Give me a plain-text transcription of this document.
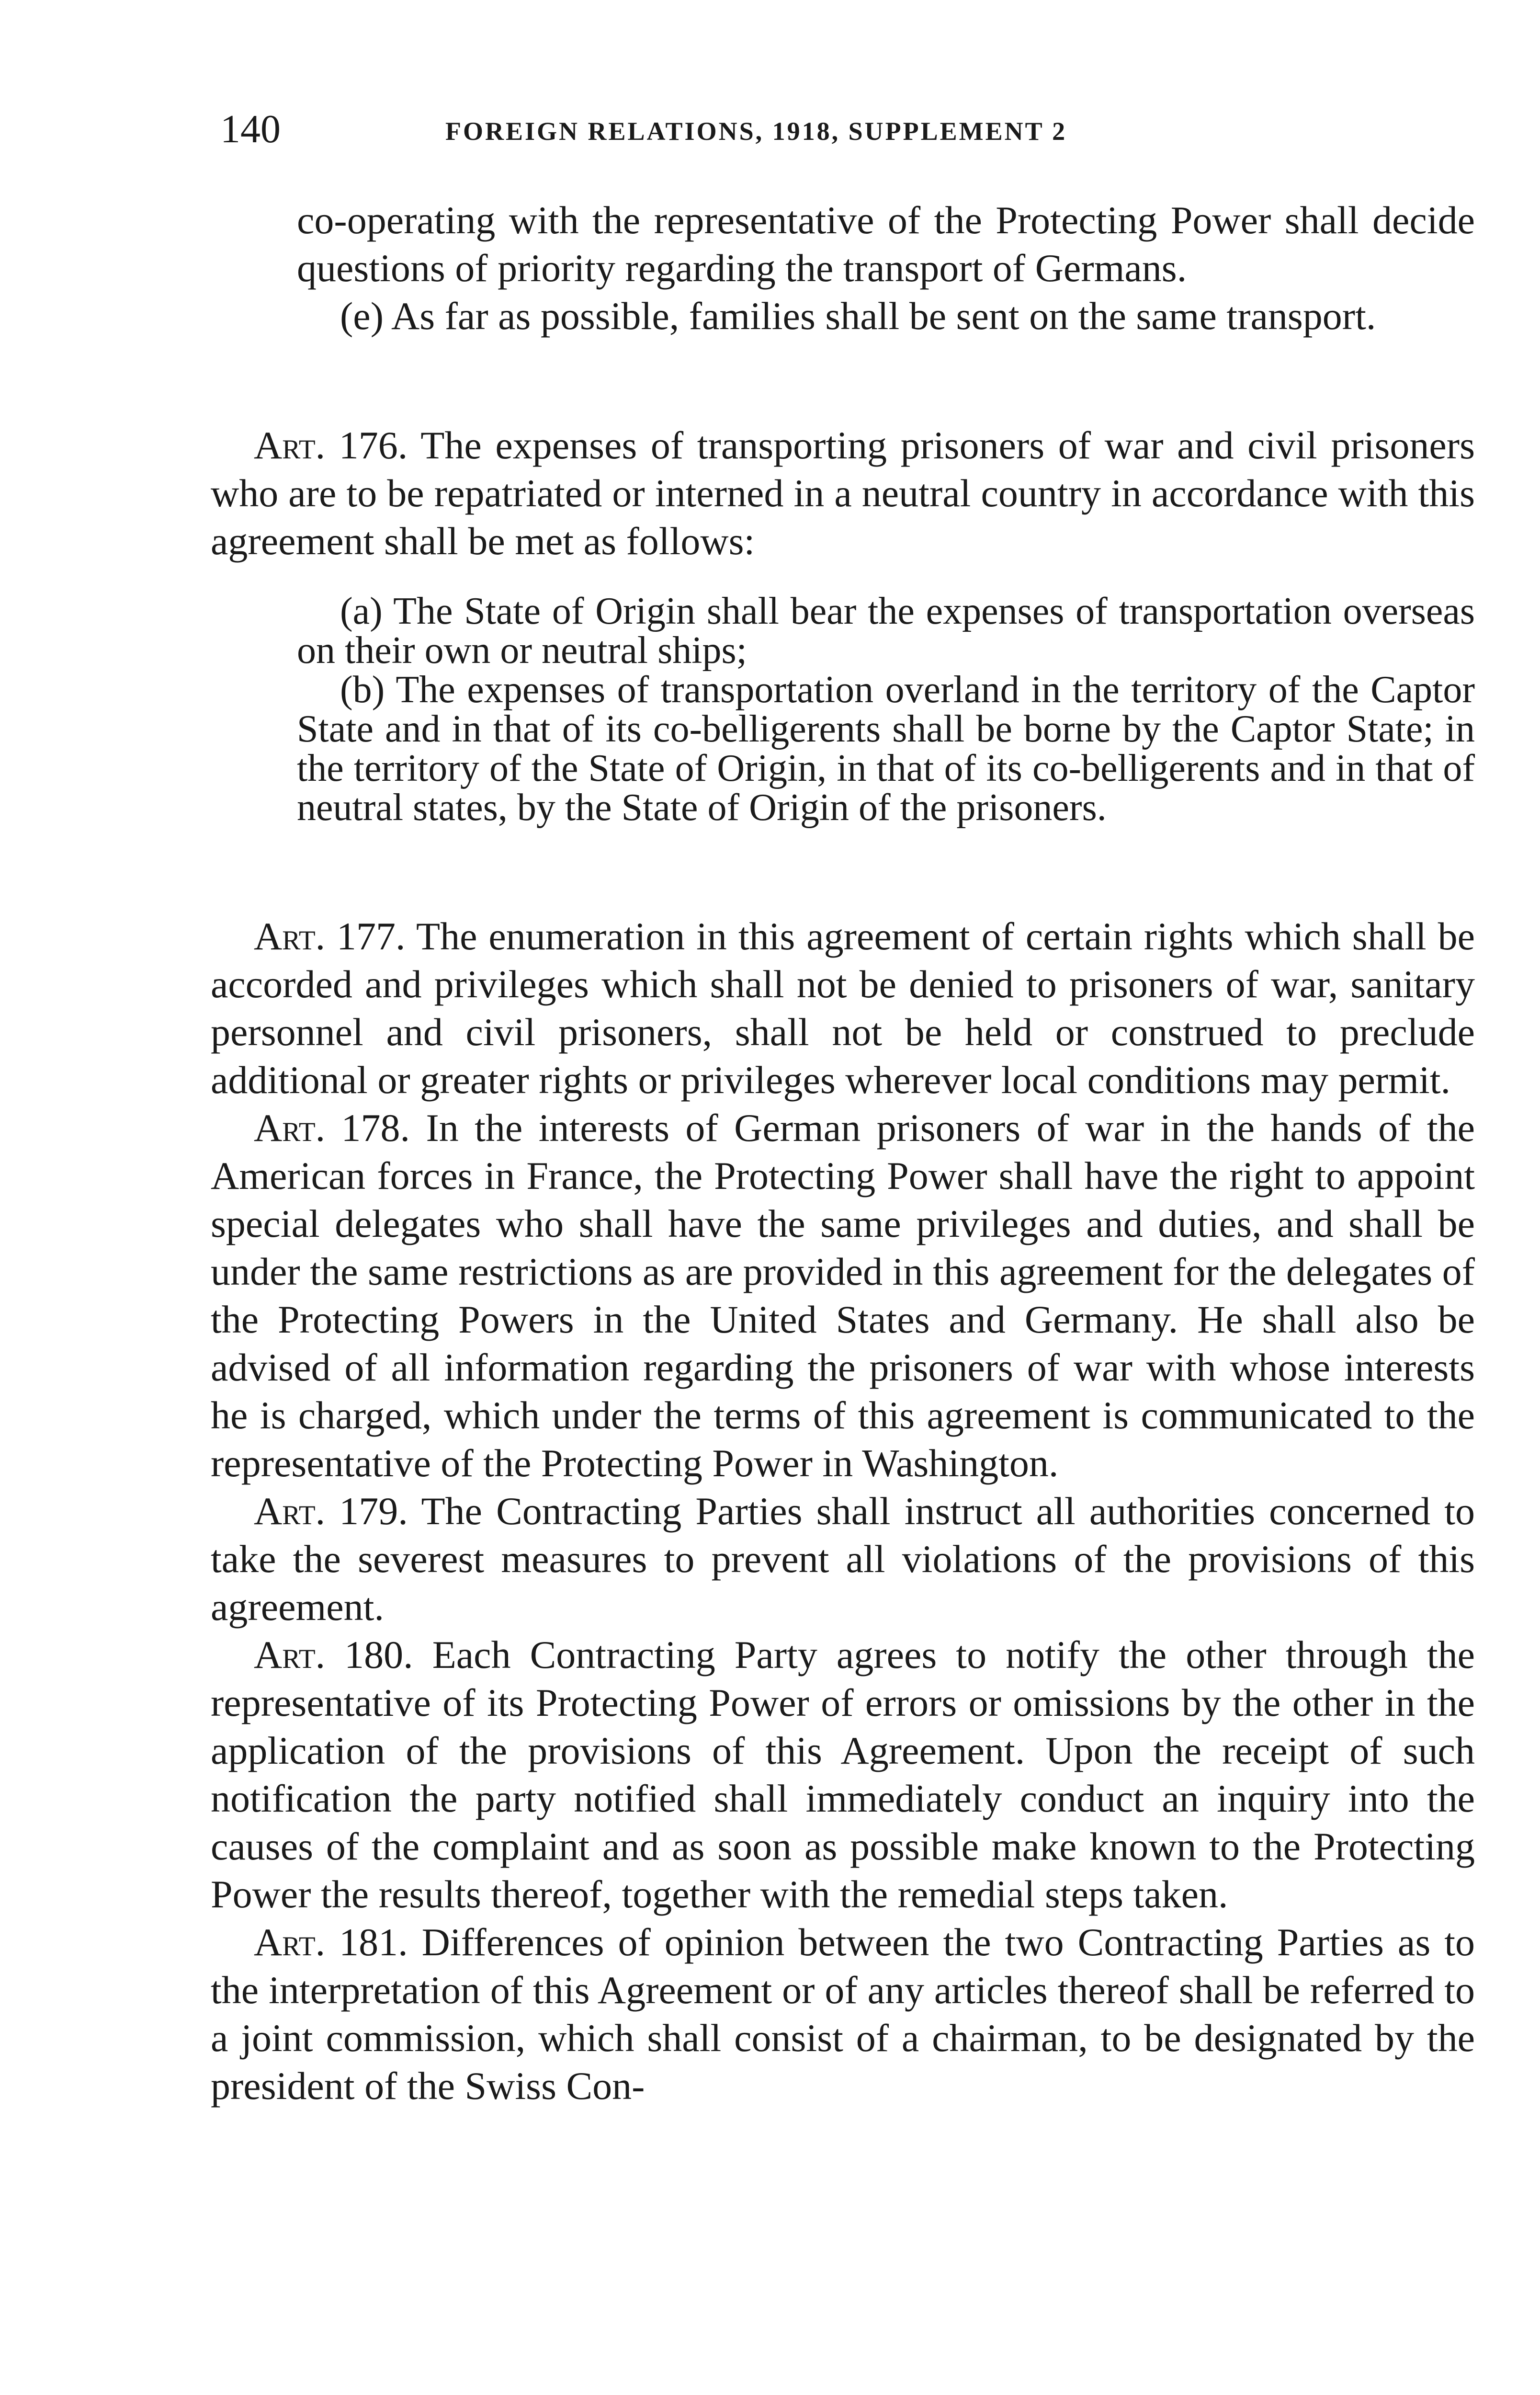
140	FOREIGN RELATIONS, 1918, SUPPLEMENT 2

co-operating with the representative of the Protecting Power shall decide questions of priority regarding the transport of Germans.

(e) As far as possible, families shall be sent on the same transport.

Art. 176. The expenses of transporting prisoners of war and civil prisoners who are to be repatriated or interned in a neutral country in accordance with this agreement shall be met as follows:

(a) The State of Origin shall bear the expenses of transportation overseas on their own or neutral ships;

(b) The expenses of transportation overland in the territory of the Captor State and in that of its co-belligerents shall be borne by the Captor State; in the territory of the State of Origin, in that of its co-belligerents and in that of neutral states, by the State of Origin of the prisoners.

Art. 177. The enumeration in this agreement of certain rights which shall be accorded and privileges which shall not be denied to prisoners of war, sanitary personnel and civil prisoners, shall not be held or construed to preclude additional or greater rights or privileges wherever local conditions may permit.

Art. 178. In the interests of German prisoners of war in the hands of the American forces in France, the Protecting Power shall have the right to appoint special delegates who shall have the same privileges and duties, and shall be under the same restrictions as are provided in this agreement for the delegates of the Protecting Powers in the United States and Germany. He shall also be advised of all information regarding the prisoners of war with whose interests he is charged, which under the terms of this agreement is communicated to the representative of the Protecting Power in Washington.

Art. 179. The Contracting Parties shall instruct all authorities concerned to take the severest measures to prevent all violations of the provisions of this agreement.

Art. 180. Each Contracting Party agrees to notify the other through the representative of its Protecting Power of errors or omissions by the other in the application of the provisions of this Agreement. Upon the receipt of such notification the party notified shall immediately conduct an inquiry into the causes of the complaint and as soon as possible make known to the Protecting Power the results thereof, together with the remedial steps taken.

Art. 181. Differences of opinion between the two Contracting Parties as to the interpretation of this Agreement or of any articles thereof shall be referred to a joint commission, which shall consist of a chairman, to be designated by the president of the Swiss Con-
